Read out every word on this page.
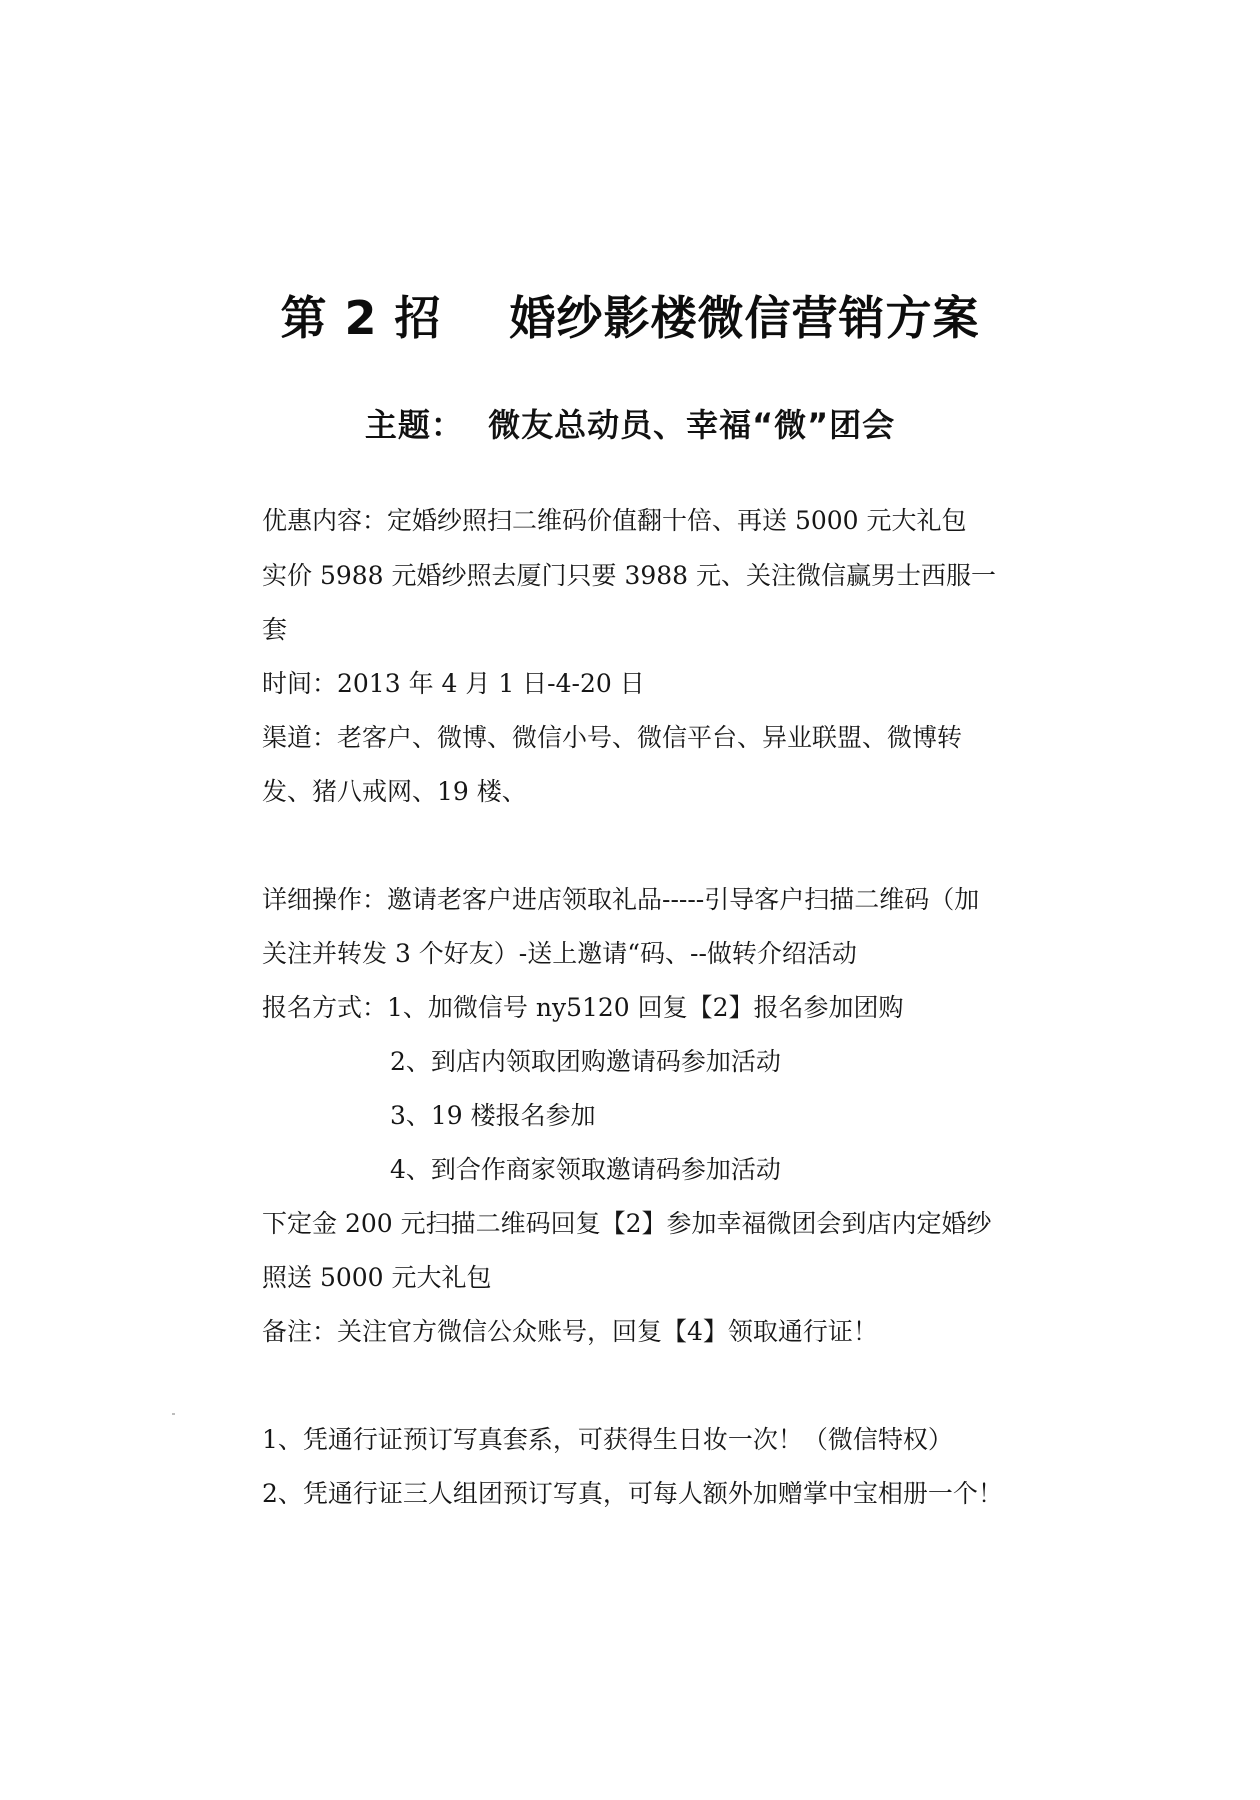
第 2 招    婚纱影楼微信营销方案
主题：  微友总动员、幸福“微”团会
优惠内容：定婚纱照扫二维码价值翻十倍、再送 5000 元大礼包
实价 5988 元婚纱照去厦门只要 3988 元、关注微信赢男士西服一
套
时间：2013 年 4 月 1 日-4-20 日
渠道：老客户、微博、微信小号、微信平台、异业联盟、微博转
发、猪八戒网、19 楼、
详细操作：邀请老客户进店领取礼品-----引导客户扫描二维码（加
关注并转发 3 个好友）-送上邀请“码、--做转介绍活动
报名方式：1、加微信号 ny5120 回复【2】报名参加团购
2、到店内领取团购邀请码参加活动
3、19 楼报名参加
4、到合作商家领取邀请码参加活动
下定金 200 元扫描二维码回复【2】参加幸福微团会到店内定婚纱
照送 5000 元大礼包
备注：关注官方微信公众账号，回复【4】领取通行证！
1、凭通行证预订写真套系，可获得生日妆一次！（微信特权）
2、凭通行证三人组团预订写真，可每人额外加赠掌中宝相册一个！
